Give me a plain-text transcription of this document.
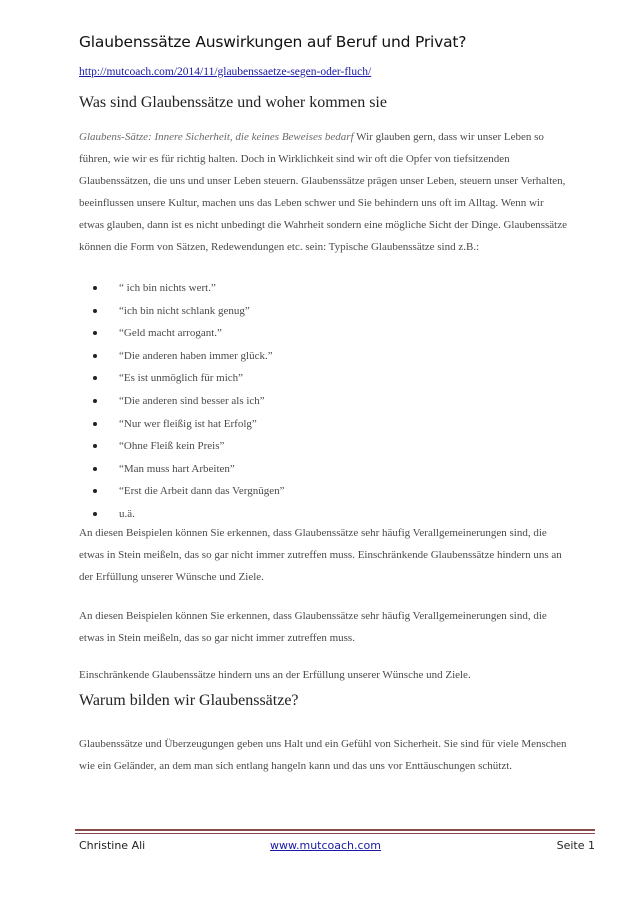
Glaubenssätze Auswirkungen auf Beruf und Privat?
http://mutcoach.com/2014/11/glaubenssaetze-segen-oder-fluch/
Was sind Glaubenssätze und woher kommen sie

Glaubens-Sätze: Innere Sicherheit, die keines Beweises bedarf Wir glauben gern, dass wir unser Leben so führen, wie wir es für richtig halten. Doch in Wirklichkeit sind wir oft die Opfer von tiefsitzenden Glaubenssätzen, die uns und unser Leben steuern. Glaubenssätze prägen unser Leben, steuern unser Verhalten, beeinflussen unsere Kultur, machen uns das Leben schwer und Sie behindern uns oft im Alltag. Wenn wir etwas glauben, dann ist es nicht unbedingt die Wahrheit sondern eine mögliche Sicht der Dinge. Glaubenssätze können die Form von Sätzen, Redewendungen etc. sein: Typische Glaubenssätze sind z.B.:

“ ich bin nichts wert.”
“ich bin nicht schlank genug”
“Geld macht arrogant.”
“Die anderen haben immer glück.”
“Es ist unmöglich für mich”
“Die anderen sind besser als ich”
“Nur wer fleißig ist hat Erfolg”
“Ohne Fleiß kein Preis”
“Man muss hart Arbeiten”
“Erst die Arbeit dann das Vergnügen”
u.ä.

An diesen Beispielen können Sie erkennen, dass Glaubenssätze sehr häufig Verallgemeinerungen sind, die etwas in Stein meißeln, das so gar nicht immer zutreffen muss. Einschränkende Glaubenssätze hindern uns an der Erfüllung unserer Wünsche und Ziele.

An diesen Beispielen können Sie erkennen, dass Glaubenssätze sehr häufig Verallgemeinerungen sind, die etwas in Stein meißeln, das so gar nicht immer zutreffen muss.

Einschränkende Glaubenssätze hindern uns an der Erfüllung unserer Wünsche und Ziele.

Warum bilden wir Glaubenssätze?

Glaubenssätze und Überzeugungen geben uns Halt und ein Gefühl von Sicherheit. Sie sind für viele Menschen wie ein Geländer, an dem man sich entlang hangeln kann und das uns vor Enttäuschungen schützt.

Christine Ali	www.mutcoach.com	Seite 1
